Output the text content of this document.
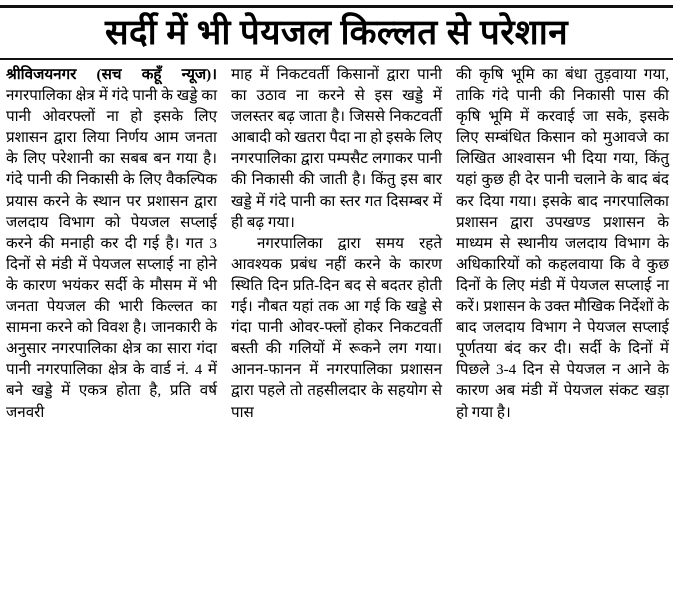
सर्दी में भी पेयजल किल्लत से परेशान

श्रीविजयनगर (सच कहूँ न्यूज)।नगरपालिका क्षेत्र में गंदे पानी के खड्डे का पानी ओवरफ्लों ना हो इसके लिए प्रशासन द्वारा लिया निर्णय आम जनता के लिए परेशानी का सबब बन गया है। गंदे पानी की निकासी के लिए वैकल्पिक प्रयास करने के स्थान पर प्रशासन द्वारा जलदाय विभाग को पेयजल सप्लाई करने की मनाही कर दी गई है। गत 3 दिनों से मंडी में पेयजल सप्लाई ना होने के कारण भयंकर सर्दी के मौसम में भी जनता पेयजल की भारी किल्लत का सामना करने को विवश है। जानकारी के अनुसार नगरपालिका क्षेत्र का सारा गंदा पानी नगरपालिका क्षेत्र के वार्ड नं. 4 में बने खड्डे में एकत्र होता है, प्रति वर्ष जनवरी

माह में निकटवर्ती किसानों द्वारा पानी का उठाव ना करने से इस खड्डे में जलस्तर बढ़ जाता है। जिससे निकटवर्ती आबादी को खतरा पैदा ना हो इसके लिए नगरपालिका द्वारा पम्पसैट लगाकर पानी की निकासी की जाती है। किंतु इस बार खड्डे में गंदे पानी का स्तर गत दिसम्बर में ही बढ़ गया।

नगरपालिका द्वारा समय रहते आवश्यक प्रबंध नहीं करने के कारण स्थिति दिन प्रति-दिन बद से बदतर होती गई। नौबत यहां तक आ गई कि खड्डे से गंदा पानी ओवर-फ्लों होकर निकटवर्ती बस्ती की गलियों में रूकने लग गया। आनन-फानन में नगरपालिका प्रशासन द्वारा पहले तो तहसीलदार के सहयोग से पास

की कृषि भूमि का बंधा तुड़वाया गया, ताकि गंदे पानी की निकासी पास की कृषि भूमि में करवाई जा सके, इसके लिए सम्बंधित किसान को मुआवजे का लिखित आश्वासन भी दिया गया, किंतु यहां कुछ ही देर पानी चलाने के बाद बंद कर दिया गया। इसके बाद नगरपालिका प्रशासन द्वारा उपखण्ड प्रशासन के माध्यम से स्थानीय जलदाय विभाग के अधिकारियों को कहलवाया कि वे कुछ दिनों के लिए मंडी में पेयजल सप्लाई ना करें। प्रशासन के उक्त मौखिक निर्देशों के बाद जलदाय विभाग ने पेयजल सप्लाई पूर्णतया बंद कर दी। सर्दी के दिनों में पिछले 3-4 दिन से पेयजल न आने के कारण अब मंडी में पेयजल संकट खड़ा हो गया है।
